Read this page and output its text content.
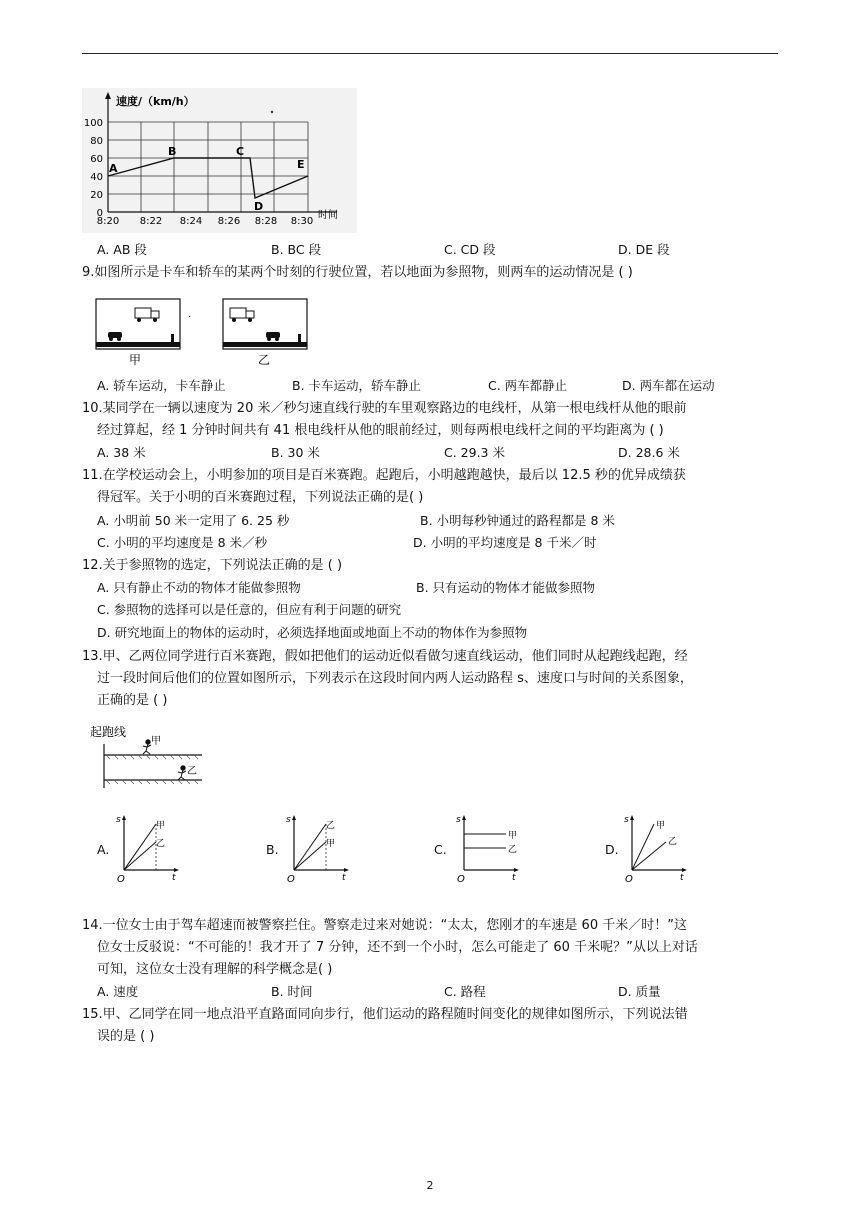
速度/（km/h）
时间
100
80
60
40
20
0
8:20 8:22 8:24 8:26 8:28 8:30
A
B	C
D
E
A. AB 段	B. BC 段	C. CD 段	D. DE 段
9.如图所示是卡车和轿车的某两个时刻的行驶位置，若以地面为参照物，则两车的运动情况是 ( )
甲	乙
·
A. 轿车运动，卡车静止	B. 卡车运动，轿车静止	C. 两车都静止	D. 两车都在运动
10.某同学在一辆以速度为 20 米／秒匀速直线行驶的车里观察路边的电线杆，从第一根电线杆从他的眼前
经过算起，经 1 分钟时间共有 41 根电线杆从他的眼前经过，则每两根电线杆之间的平均距离为 ( )
A. 38 米	B. 30 米	C. 29.3 米	D. 28.6 米
11.在学校运动会上，小明参加的项目是百米赛跑。起跑后，小明越跑越快，最后以 12.5 秒的优异成绩获
得冠军。关于小明的百米赛跑过程，下列说法正确的是( )
A. 小明前 50 米一定用了 6. 25 秒	B. 小明每秒钟通过的路程都是 8 米
C. 小明的平均速度是 8 米／秒	D. 小明的平均速度是 8 千米／时
12.关于参照物的选定，下列说法正确的是 ( )
A. 只有静止不动的物体才能做参照物	B. 只有运动的物体才能做参照物
C. 参照物的选择可以是任意的，但应有利于问题的研究
D. 研究地面上的物体的运动时，必须选择地面或地面上不动的物体作为参照物
13.甲、乙两位同学进行百米赛跑，假如把他们的运动近似看做匀速直线运动，他们同时从起跑线起跑，经
过一段时间后他们的位置如图所示，下列表示在这段时间内两人运动路程 s、速度口与时间的关系图象，
正确的是 ( )
起跑线
甲
乙
A.
s
t
O
甲
乙	B.
s
t
O
乙
甲	C.
s
t
O
甲
乙	D.
s
t
O
甲
乙
14.一位女士由于驾车超速而被警察拦住。警察走过来对她说：“太太，您刚才的车速是 60 千米／时！”这
位女士反驳说：“不可能的！我才开了 7 分钟，还不到一个小时，怎么可能走了 60 千米呢？”从以上对话
可知，这位女士没有理解的科学概念是( )
A. 速度	B. 时间	C. 路程	D. 质量
15.甲、乙同学在同一地点沿平直路面同向步行，他们运动的路程随时间变化的规律如图所示，下列说法错
误的是 ( )
2
